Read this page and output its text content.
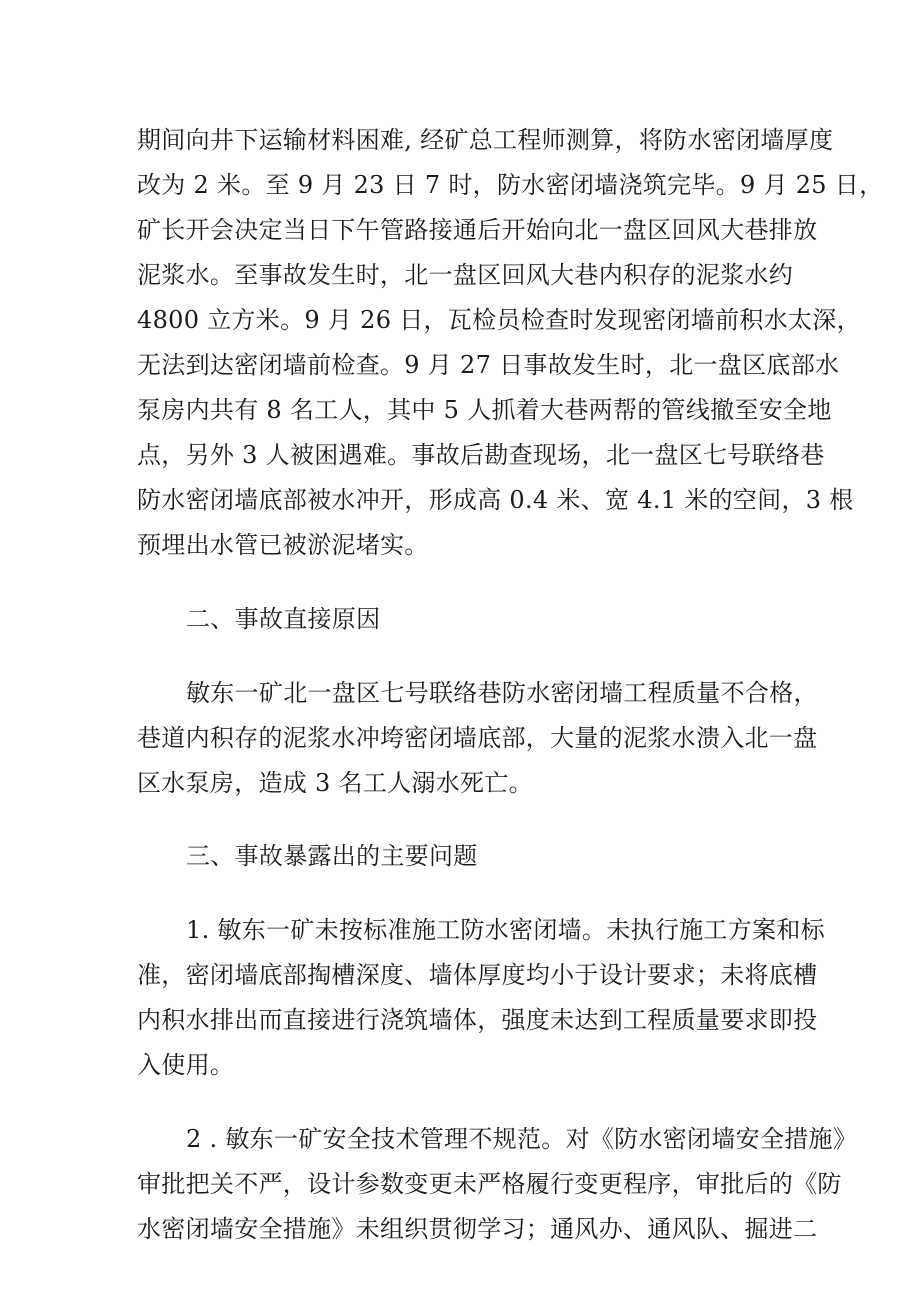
期间向井下运输材料困难, 经矿总工程师测算，将防水密闭墙厚度
改为 2 米。至 9 月 23 日 7 时，防水密闭墙浇筑完毕。9 月 25 日，
矿长开会决定当日下午管路接通后开始向北一盘区回风大巷排放
泥浆水。至事故发生时，北一盘区回风大巷内积存的泥浆水约
4800 立方米。9 月 26 日，瓦检员检查时发现密闭墙前积水太深，
无法到达密闭墙前检查。9 月 27 日事故发生时，北一盘区底部水
泵房内共有 8 名工人，其中 5 人抓着大巷两帮的管线撤至安全地
点，另外 3 人被困遇难。事故后勘查现场，北一盘区七号联络巷
防水密闭墙底部被水冲开，形成高 0.4 米、宽 4.1 米的空间，3 根
预埋出水管已被淤泥堵实。
二、事故直接原因
敏东一矿北一盘区七号联络巷防水密闭墙工程质量不合格，
巷道内积存的泥浆水冲垮密闭墙底部，大量的泥浆水溃入北一盘
区水泵房，造成 3 名工人溺水死亡。
三、事故暴露出的主要问题
1. 敏东一矿未按标准施工防水密闭墙。未执行施工方案和标
准，密闭墙底部掏槽深度、墙体厚度均小于设计要求；未将底槽
内积水排出而直接进行浇筑墙体，强度未达到工程质量要求即投
入使用。
2 . 敏东一矿安全技术管理不规范。对《防水密闭墙安全措施》
审批把关不严，设计参数变更未严格履行变更程序，审批后的《防
水密闭墙安全措施》未组织贯彻学习；通风办、通风队、掘进二
